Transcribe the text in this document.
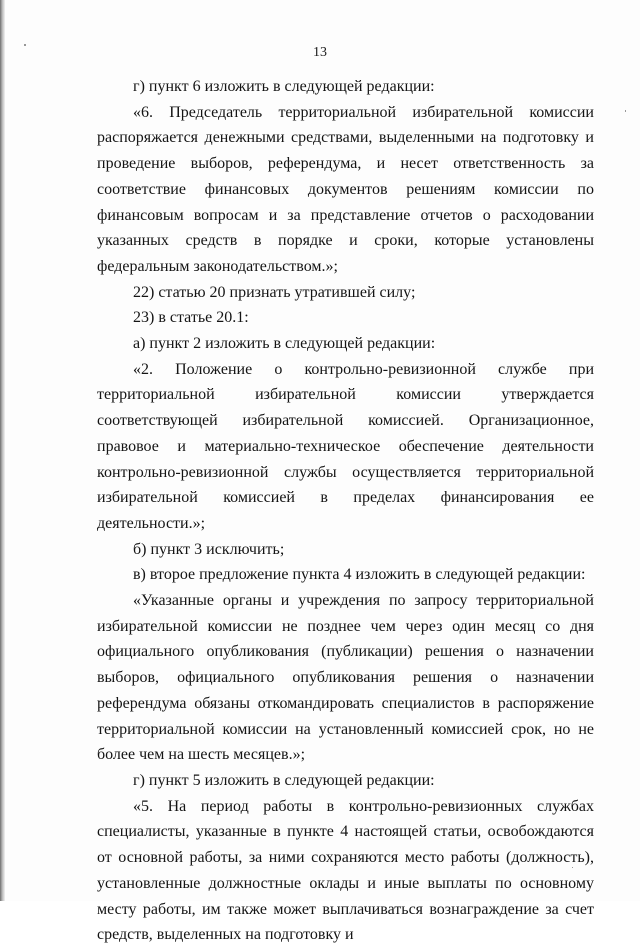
13

г) пункт 6 изложить в следующей редакции:

«6. Председатель территориальной избирательной комиссии распоряжается денежными средствами, выделенными на подготовку и проведение выборов, референдума, и несет ответственность за соответствие финансовых документов решениям комиссии по финансовым вопросам и за представление отчетов о расходовании указанных средств в порядке и сроки, которые установлены федеральным законодательством.»;

22) статью 20 признать утратившей силу;

23) в статье 20.1:

а) пункт 2 изложить в следующей редакции:

«2. Положение о контрольно-ревизионной службе при территориальной избирательной комиссии утверждается соответствующей избирательной комиссией. Организационное, правовое и материально-техническое обеспечение деятельности контрольно-ревизионной службы осуществляется территориальной избирательной комиссией в пределах финансирования ее деятельности.»;

б) пункт 3 исключить;

в) второе предложение пункта 4 изложить в следующей редакции:

«Указанные органы и учреждения по запросу территориальной избирательной комиссии не позднее чем через один месяц со дня официального опубликования (публикации) решения о назначении выборов, официального опубликования решения о назначении референдума обязаны откомандировать специалистов в распоряжение территориальной комиссии на установленный комиссией срок, но не более чем на шесть месяцев.»;

г) пункт 5 изложить в следующей редакции:

«5. На период работы в контрольно-ревизионных службах специалисты, указанные в пункте 4 настоящей статьи, освобождаются от основной работы, за ними сохраняются место работы (должность), установленные должностные оклады и иные выплаты по основному месту работы, им также может выплачиваться вознаграждение за счет средств, выделенных на подготовку и
